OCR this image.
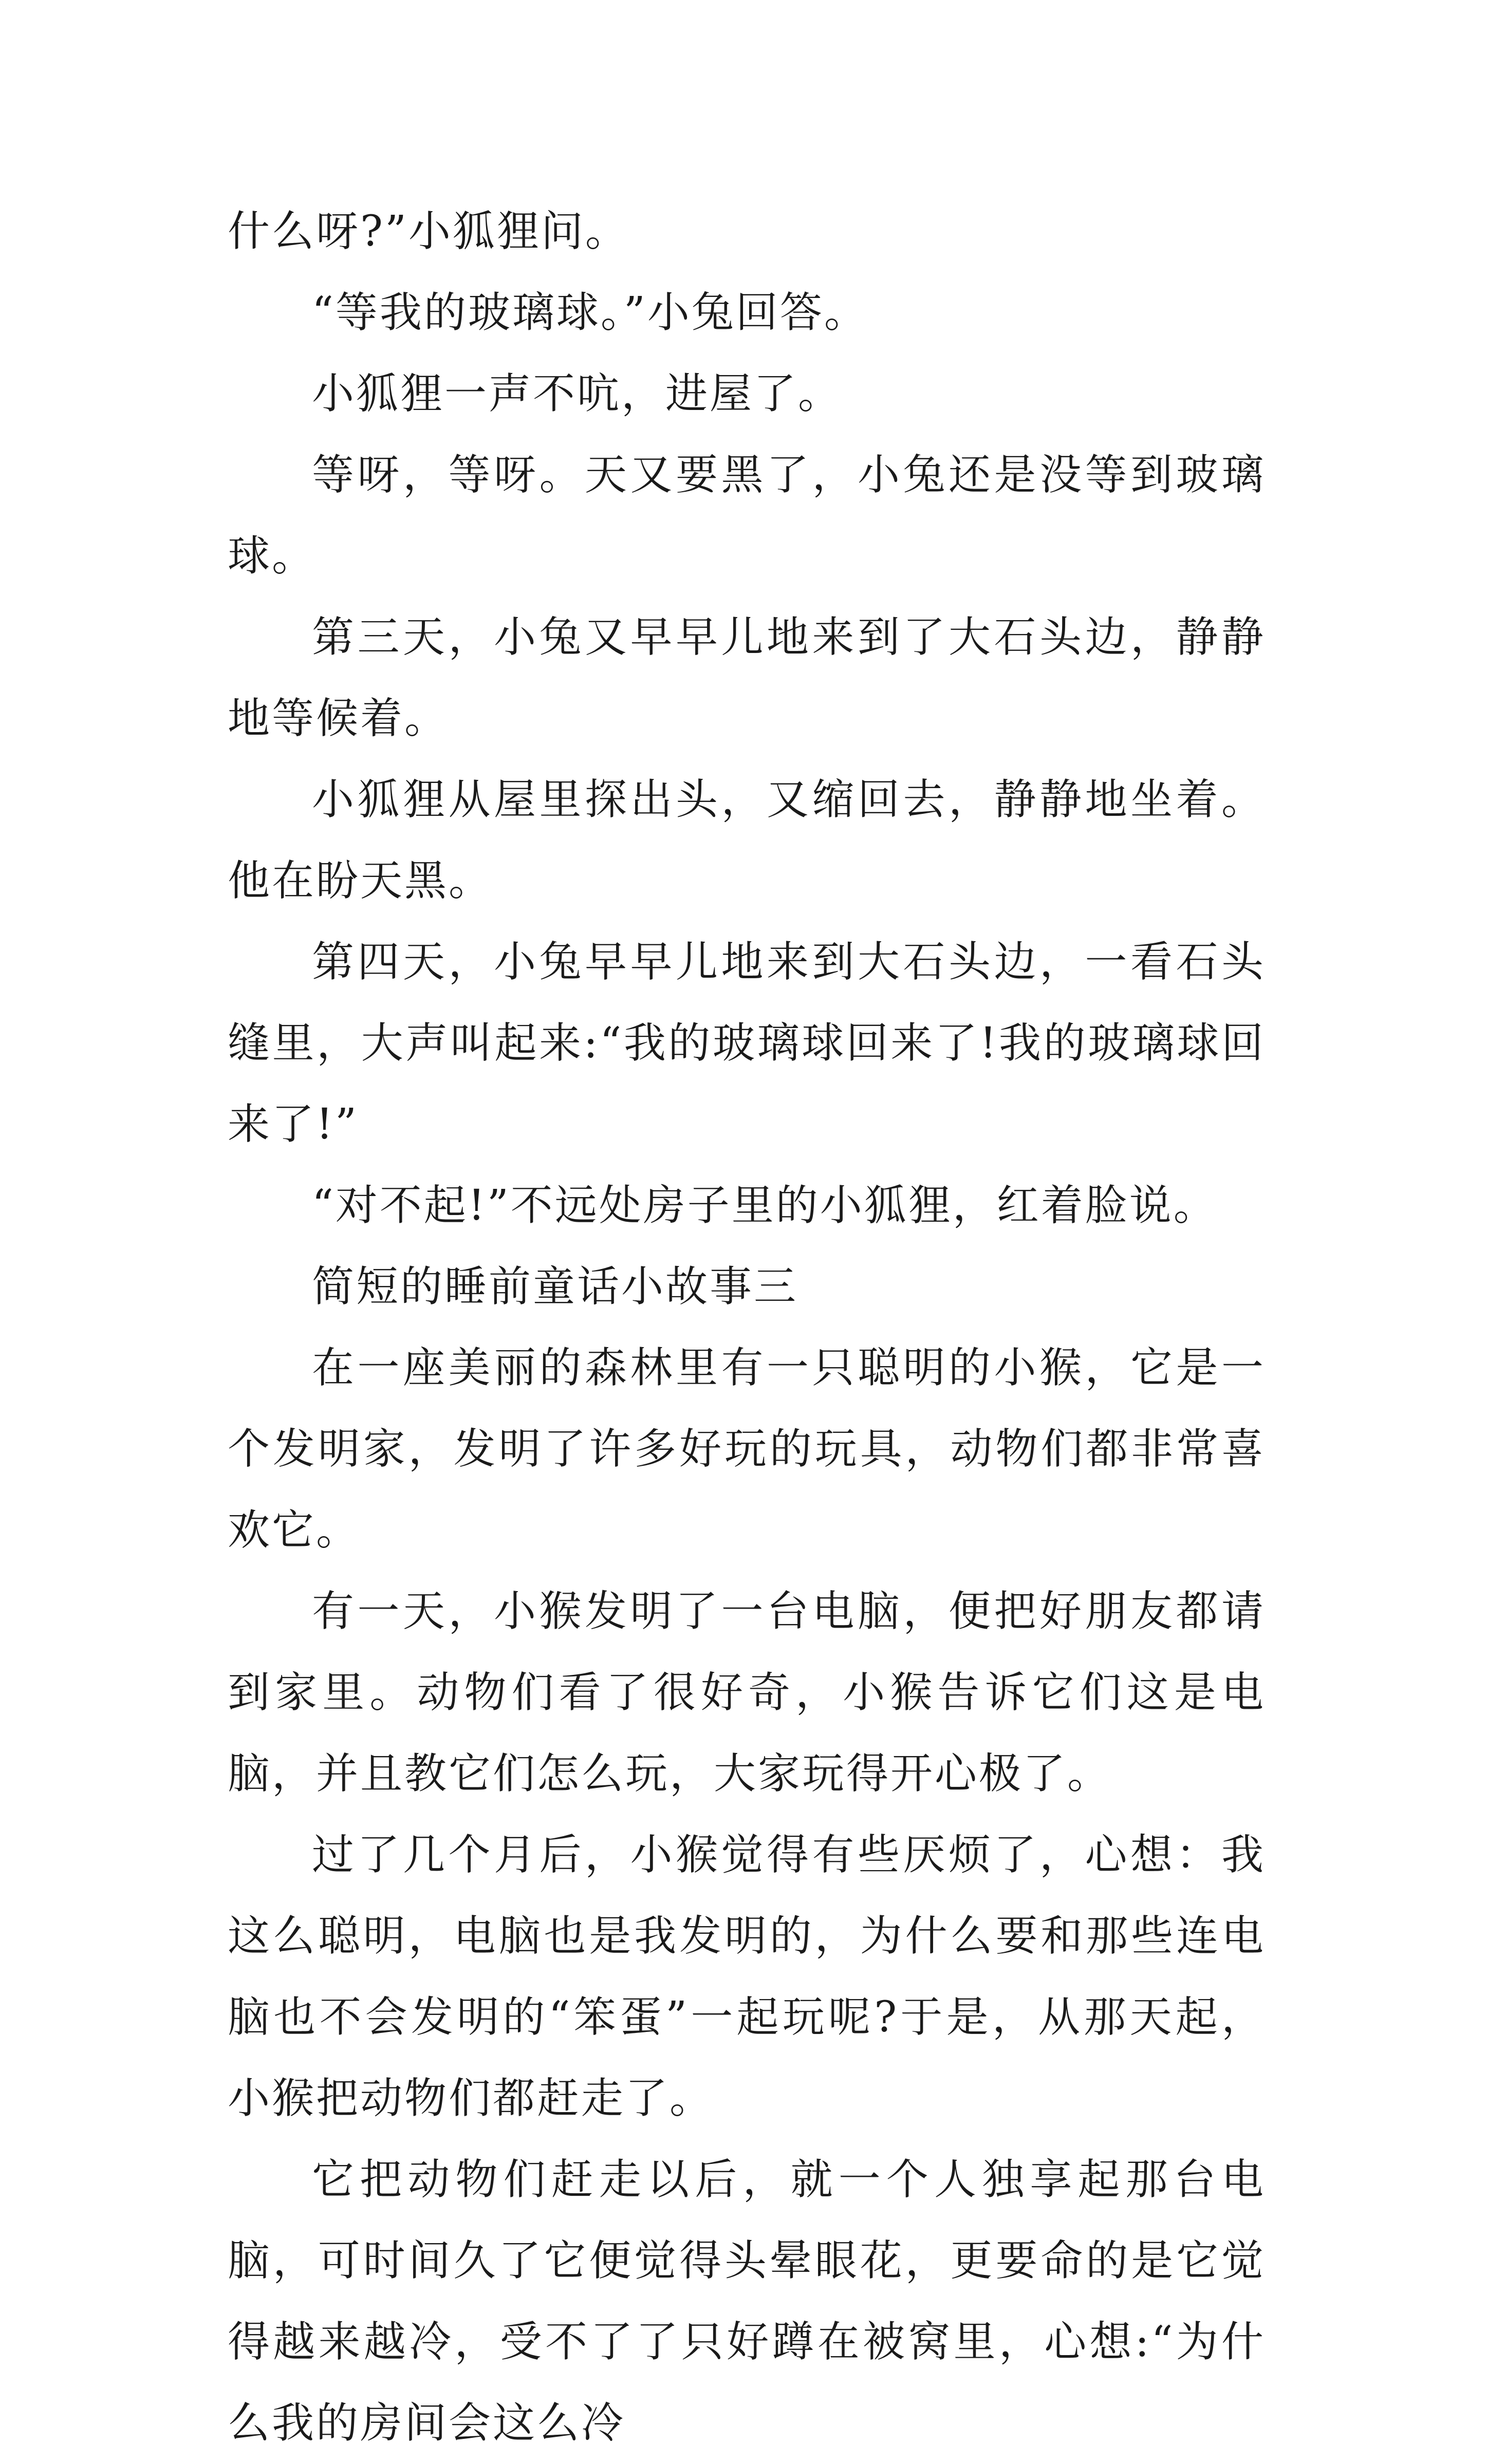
什么呀?”小狐狸问。

“等我的玻璃球。”小兔回答。

小狐狸一声不吭，进屋了。

等呀，等呀。天又要黑了，小兔还是没等到玻璃球。

第三天，小兔又早早儿地来到了大石头边，静静地等候着。

小狐狸从屋里探出头，又缩回去，静静地坐着。他在盼天黑。

第四天，小兔早早儿地来到大石头边，一看石头缝里，大声叫起来:“我的玻璃球回来了!我的玻璃球回来了!”

“对不起!”不远处房子里的小狐狸，红着脸说。

简短的睡前童话小故事三

在一座美丽的森林里有一只聪明的小猴，它是一个发明家，发明了许多好玩的玩具，动物们都非常喜欢它。

有一天，小猴发明了一台电脑，便把好朋友都请到家里。动物们看了很好奇，小猴告诉它们这是电脑，并且教它们怎么玩，大家玩得开心极了。

过了几个月后，小猴觉得有些厌烦了，心想：我这么聪明，电脑也是我发明的，为什么要和那些连电脑也不会发明的“笨蛋”一起玩呢?于是，从那天起，小猴把动物们都赶走了。

它把动物们赶走以后，就一个人独享起那台电脑，可时间久了它便觉得头晕眼花，更要命的是它觉得越来越冷，受不了了只好蹲在被窝里，心想:“为什么我的房间会这么冷
